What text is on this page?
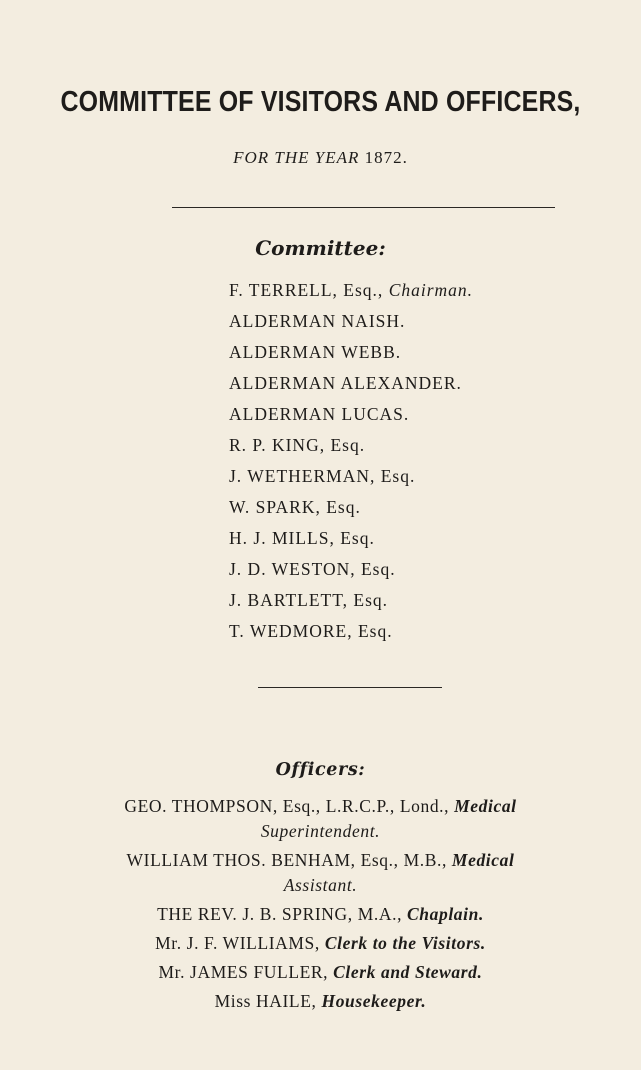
COMMITTEE OF VISITORS AND OFFICERS,
FOR THE YEAR 1872.
Committee:
F. TERRELL, Esq., Chairman.
ALDERMAN NAISH.
ALDERMAN WEBB.
ALDERMAN ALEXANDER.
ALDERMAN LUCAS.
R. P. KING, Esq.
J. WETHERMAN, Esq.
W. SPARK, Esq.
H. J. MILLS, Esq.
J. D. WESTON, Esq.
J. BARTLETT, Esq.
T. WEDMORE, Esq.
Officers:
GEO. THOMPSON, Esq., L.R.C.P., Lond., Medical
Superintendent.
WILLIAM THOS. BENHAM, Esq., M.B., Medical
Assistant.
THE REV. J. B. SPRING, M.A., Chaplain.
Mr. J. F. WILLIAMS, Clerk to the Visitors.
Mr. JAMES FULLER, Clerk and Steward.
Miss HAILE, Housekeeper.
